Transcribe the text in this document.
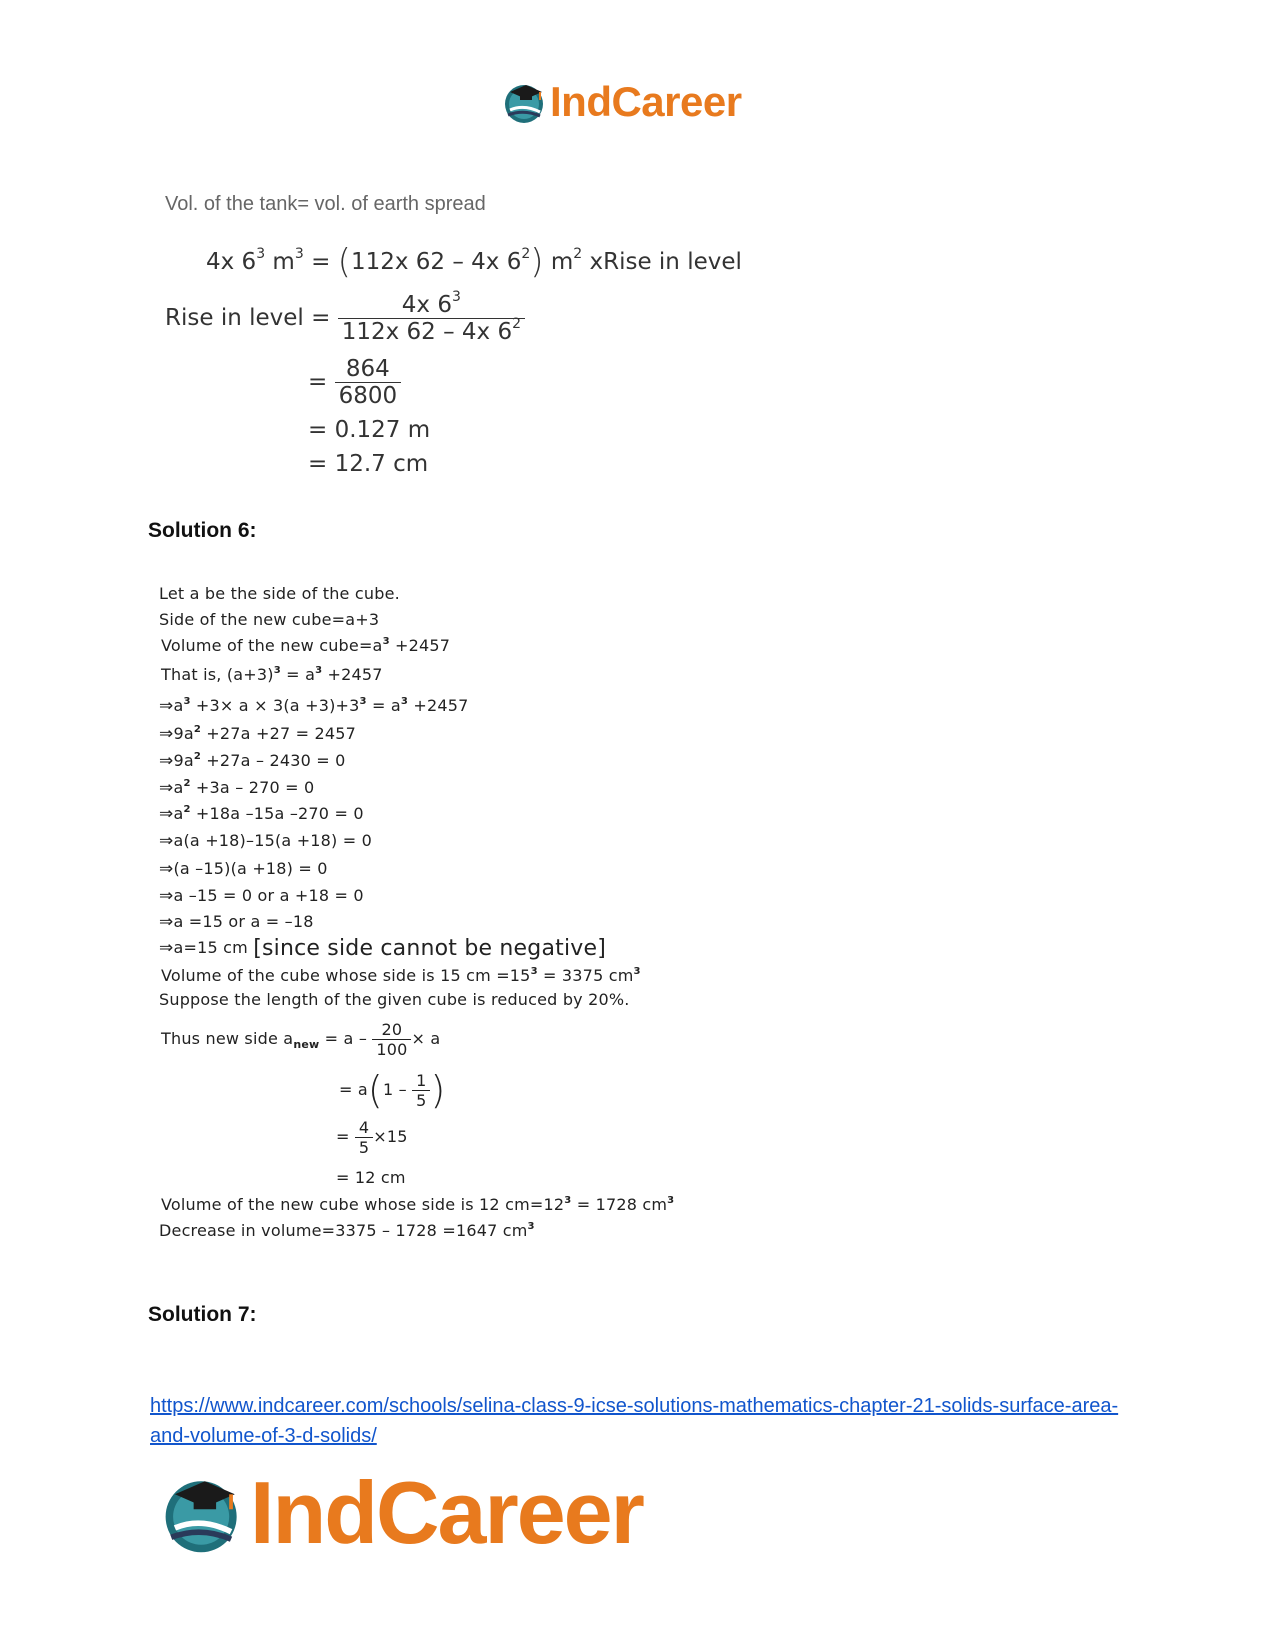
IndCareer
Vol. of the tank= vol. of earth spread
4x $6^3$ $m^3 = (112x$ 62 – 4x $6^2$) $m^2$ xRise in level
Rise in level = $\frac{4x 6^3}{112x 62 - 4x 6^2}$
= $\frac{864}{6800}$
= 0.127 m
= 12.7 cm
Solution 6:
Let a be the side of the cube.
Side of the new cube=a+3
Volume of the new $cube=a^3 +2457$
That is, $(a+3)^3 = a^3 +2457$
$\Rightarrow a^3 +3\times a \times 3(a +3)+3^3 = a^3 +2457$
$\Rightarrow 9a^2 +27a +27 = 2457$
$\Rightarrow 9a^2 +27a - 2430 = 0$
$\Rightarrow a^2 +3a - 270 = 0$
$\Rightarrow a^2 +18a$ –15a –270 = 0
⇒a(a +18)–15(a +18) = 0
⇒(a –15)(a +18) = 0
⇒a –15 = 0 or a +18 = 0
⇒a =15 or a = –18
⇒a=15 cm [since side cannot be negative]
Volume of the cube whose side is 15 cm $=15^3 = 3375$ $cm^3$
Suppose the length of the given cube is reduced by 20%.
Thus new side $a_{new} = a - \frac{20}{100} \times a$
= $a(1 - \frac{1}{5}$ )
= $\frac{4}{5} \times 15$
= 12 cm
Volume of the new cube whose side is 12 $cm=12^3 = 1728$ $cm^3$
Decrease in volume=3375 – 1728 =1647 $cm^3$
Solution 7:
https://www.indcareer.com/schools/selina-class-9-icse-solutions-mathematics-chapter-21-solids-surface-area-and-volume-of-3-d-solids/
IndCareer
